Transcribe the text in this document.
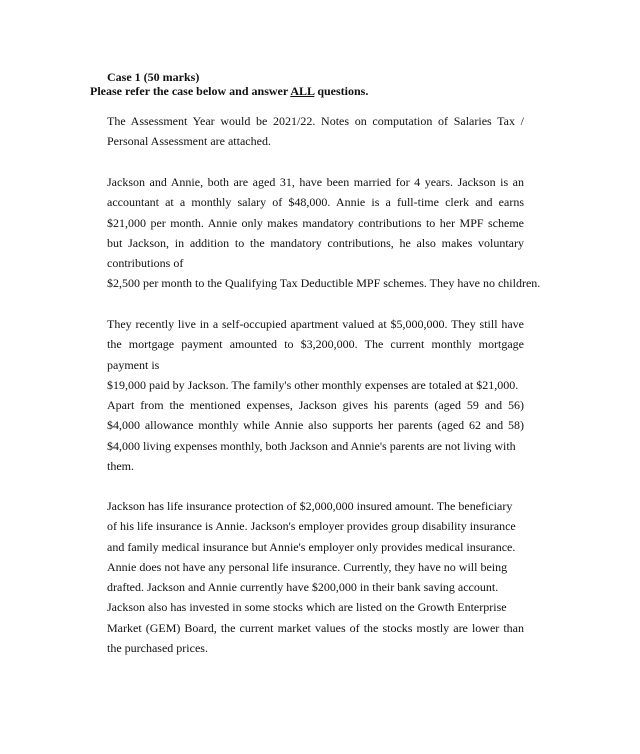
Case 1 (50 marks)
Please refer the case below and answer ALL questions.
The Assessment Year would be 2021/22. Notes on computation of Salaries Tax /
Personal Assessment are attached.
Jackson and Annie, both are aged 31, have been married for 4 years. Jackson is an
accountant at a monthly salary of $48,000. Annie is a full-time clerk and earns
$21,000 per month. Annie only makes mandatory contributions to her MPF scheme
but Jackson, in addition to the mandatory contributions, he also makes voluntary
contributions of
$2,500 per month to the Qualifying Tax Deductible MPF schemes. They have no children.
They recently live in a self-occupied apartment valued at $5,000,000. They still have
the mortgage payment amounted to $3,200,000. The current monthly mortgage
payment is
$19,000 paid by Jackson. The family's other monthly expenses are totaled at $21,000.
Apart from the mentioned expenses, Jackson gives his parents (aged 59 and 56)
$4,000 allowance monthly while Annie also supports her parents (aged 62 and 58)
$4,000 living expenses monthly, both Jackson and Annie's parents are not living with
them.
Jackson has life insurance protection of $2,000,000 insured amount. The beneficiary
of his life insurance is Annie. Jackson's employer provides group disability insurance
and family medical insurance but Annie's employer only provides medical insurance.
Annie does not have any personal life insurance. Currently, they have no will being
drafted. Jackson and Annie currently have $200,000 in their bank saving account.
Jackson also has invested in some stocks which are listed on the Growth Enterprise
Market (GEM) Board, the current market values of the stocks mostly are lower than
the purchased prices.
